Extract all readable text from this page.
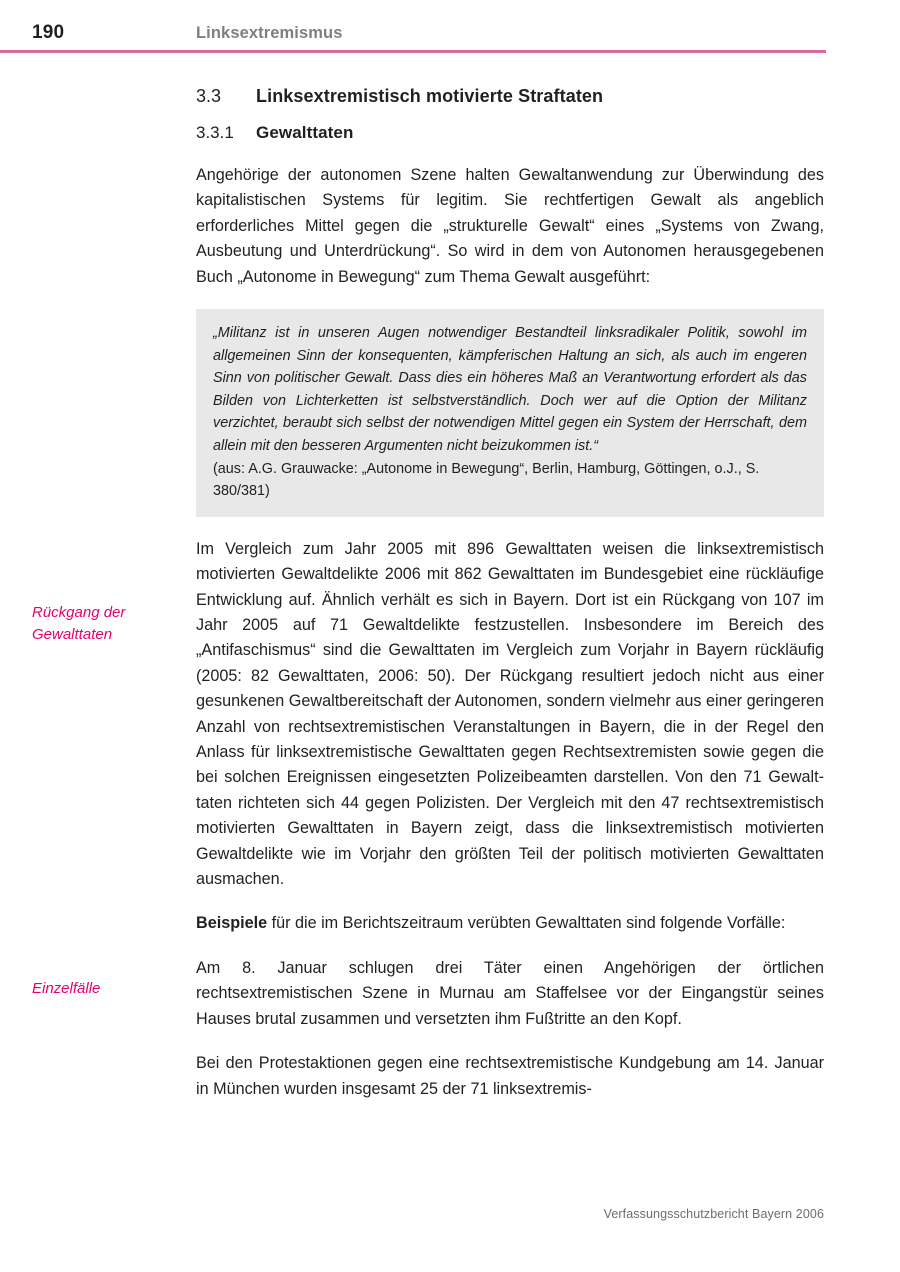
190	Linksextremismus
3.3	Linksextremistisch motivierte Straftaten
3.3.1	Gewalttaten

Angehörige der autonomen Szene halten Gewaltanwendung zur Überwindung des kapitalistischen Systems für legitim. Sie rechtfertigen Gewalt als angeblich erforderliches Mittel gegen die „strukturelle Gewalt“ eines „Systems von Zwang, Ausbeutung und Unterdrückung“. So wird in dem von Autonomen herausgegebenen Buch „Autonome in Bewegung“ zum Thema Gewalt ausgeführt:

„Militanz ist in unseren Augen notwendiger Bestandteil linksradikaler Politik, sowohl im allgemeinen Sinn der konsequenten, kämpferischen Haltung an sich, als auch im engeren Sinn von politischer Gewalt. Dass dies ein höheres Maß an Verantwortung erfordert als das Bilden von Lichterketten ist selbstverständlich. Doch wer auf die Option der Militanz verzichtet, beraubt sich selbst der notwendigen Mittel gegen ein System der Herrschaft, dem allein mit den besseren Argumenten nicht beizukommen ist.“

(aus: A.G. Grauwacke: „Autonome in Bewegung“, Berlin, Hamburg, Göttingen, o.J., S. 380/381)

Im Vergleich zum Jahr 2005 mit 896 Gewalttaten weisen die linksextremistisch motivierten Gewaltdelikte 2006 mit 862 Gewalttaten im Bundesgebiet eine rückläufige Entwicklung auf. Ähnlich verhält es sich in Bayern. Dort ist ein Rückgang von 107 im Jahr 2005 auf 71 Gewaltdelikte festzustellen. Insbesondere im Bereich des „Antifaschismus“ sind die Gewalttaten im Vergleich zum Vorjahr in Bayern rückläufig (2005: 82 Gewalttaten, 2006: 50). Der Rückgang resultiert jedoch nicht aus einer gesunkenen Gewaltbereitschaft der Autonomen, sondern vielmehr aus einer geringeren Anzahl von rechtsextremistischen Veranstaltungen in Bayern, die in der Regel den Anlass für linksextremistische Gewalttaten gegen Rechtsextremisten sowie gegen die bei solchen Ereignissen eingesetzten Polizeibeamten darstellen. Von den 71 Gewalttaten richteten sich 44 gegen Polizisten. Der Vergleich mit den 47 rechtsextremistisch motivierten Gewalttaten in Bayern zeigt, dass die linksextremistisch motivierten Gewaltdelikte wie im Vorjahr den größten Teil der politisch motivierten Gewalttaten ausmachen.

Beispiele für die im Berichtszeitraum verübten Gewalttaten sind folgende Vorfälle:

Am 8. Januar schlugen drei Täter einen Angehörigen der örtlichen rechtsextremistischen Szene in Murnau am Staffelsee vor der Eingangstür seines Hauses brutal zusammen und versetzten ihm Fußtritte an den Kopf.

Bei den Protestaktionen gegen eine rechtsextremistische Kundgebung am 14. Januar in München wurden insgesamt 25 der 71 linksextremis-

Rückgang der Gewalttaten
Einzelfälle
Verfassungsschutzbericht Bayern 2006
